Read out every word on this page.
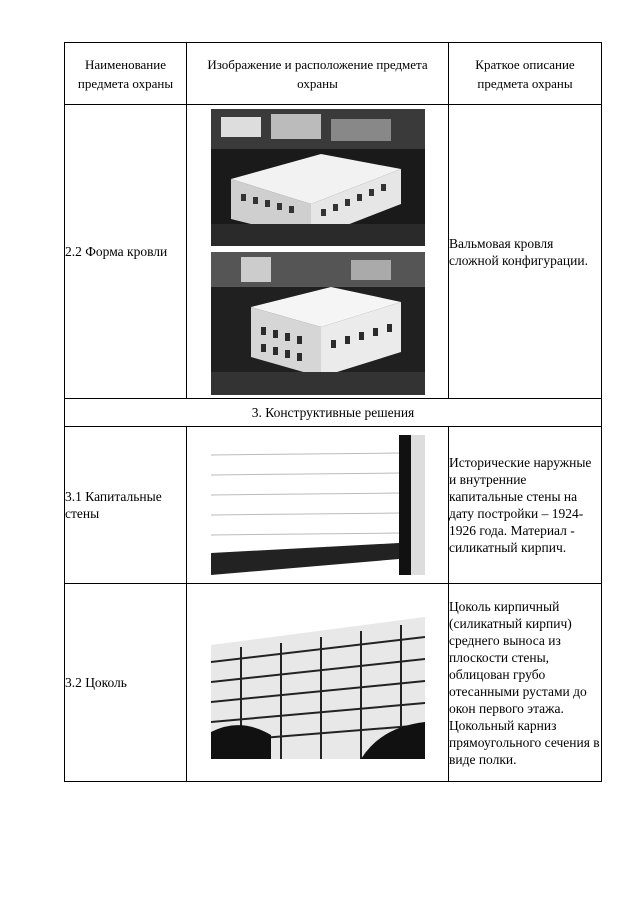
Наименование предмета охраны	Изображение и расположение предмета охраны	Краткое описание предмета охраны
2.2 Форма кровли		Вальмовая кровля сложной конфигурации.
3. Конструктивные решения		
3.1 Капитальные стены		Исторические наружные и внутренние капитальные стены на дату постройки – 1924-1926 года. Материал - силикатный кирпич.
3.2 Цоколь		Цоколь кирпичный (силикатный кирпич) среднего выноса из плоскости стены, облицован грубо отесанными рустами до окон первого этажа. Цокольный карниз прямоугольного сечения в виде полки.
